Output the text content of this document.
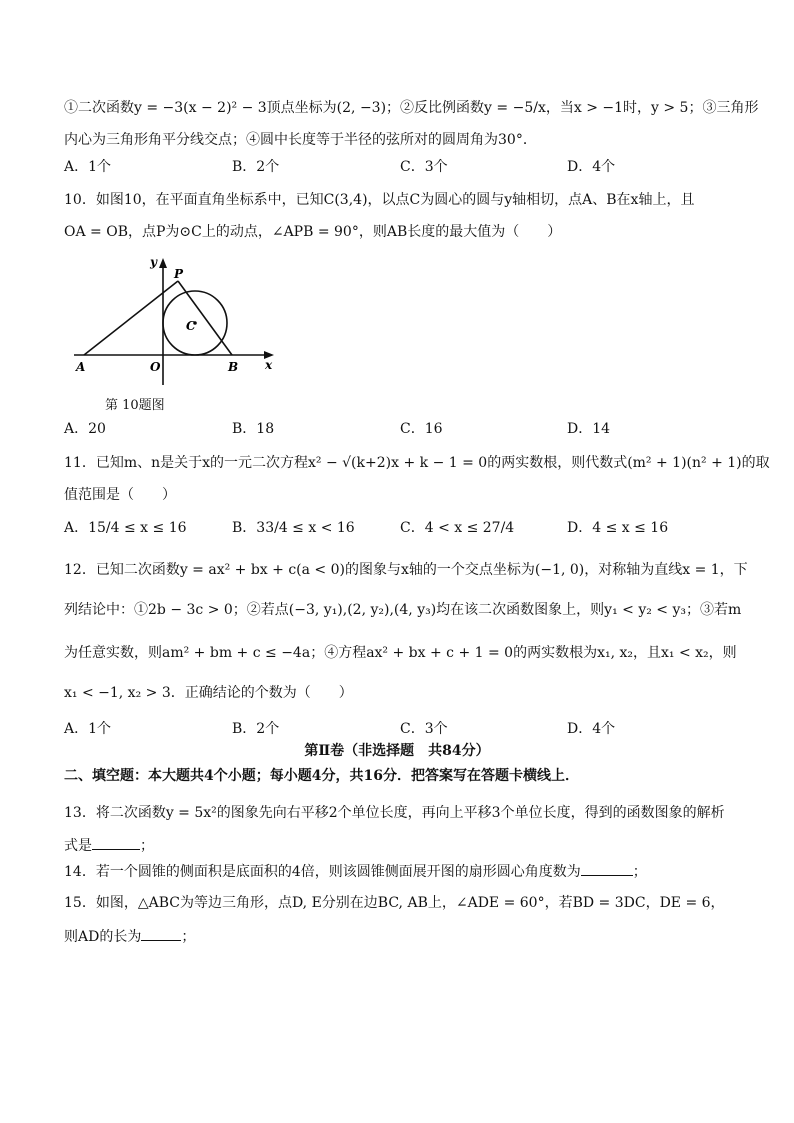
①二次函数y = −3(x − 2)² − 3顶点坐标为(2, −3)；②反比例函数y = −5/x，当x > −1时，y > 5；③三角形
内心为三角形角平分线交点；④圆中长度等于半径的弦所对的圆周角为30°．
A．1个	B．2个	C．3个	D．4个
10．如图10，在平面直角坐标系中，已知C(3,4)，以点C为圆心的圆与y轴相切，点A、B在x轴上，且
OA = OB，点P为⊙C上的动点，∠APB = 90°，则AB长度的最大值为（　　）
y
P
C
A	O	B x
第 10题图
A．20	B．18	C．16	D．14
11．已知m、n是关于x的一元二次方程x² − √(k+2)x + k − 1 = 0的两实数根，则代数式(m² + 1)(n² + 1)的取
值范围是（　　）
A．15/4 ≤ x ≤ 16	B．33/4 ≤ x < 16	C．4 < x ≤ 27/4	D．4 ≤ x ≤ 16
12．已知二次函数y = ax² + bx + c(a < 0)的图象与x轴的一个交点坐标为(−1, 0)，对称轴为直线x = 1，下
列结论中：①2b − 3c > 0；②若点(−3, y₁),(2, y₂),(4, y₃)均在该二次函数图象上，则y₁ < y₂ < y₃；③若m
为任意实数，则am² + bm + c ≤ −4a；④方程ax² + bx + c + 1 = 0的两实数根为x₁, x₂，且x₁ < x₂，则
x₁ < −1, x₂ > 3．正确结论的个数为（　　）
A．1个	B．2个	C．3个	D．4个
第Ⅱ卷（非选择题　共84分）
二、填空题：本大题共4个小题；每小题4分，共16分．把答案写在答题卡横线上．
13．将二次函数y = 5x²的图象先向右平移2个单位长度，再向上平移3个单位长度，得到的函数图象的解析
式是	；
14．若一个圆锥的侧面积是底面积的4倍，则该圆锥侧面展开图的扇形圆心角度数为	；
15．如图，△ABC为等边三角形，点D, E分别在边BC, AB上，∠ADE = 60°，若BD = 3DC，DE = 6，
则AD的长为	；
